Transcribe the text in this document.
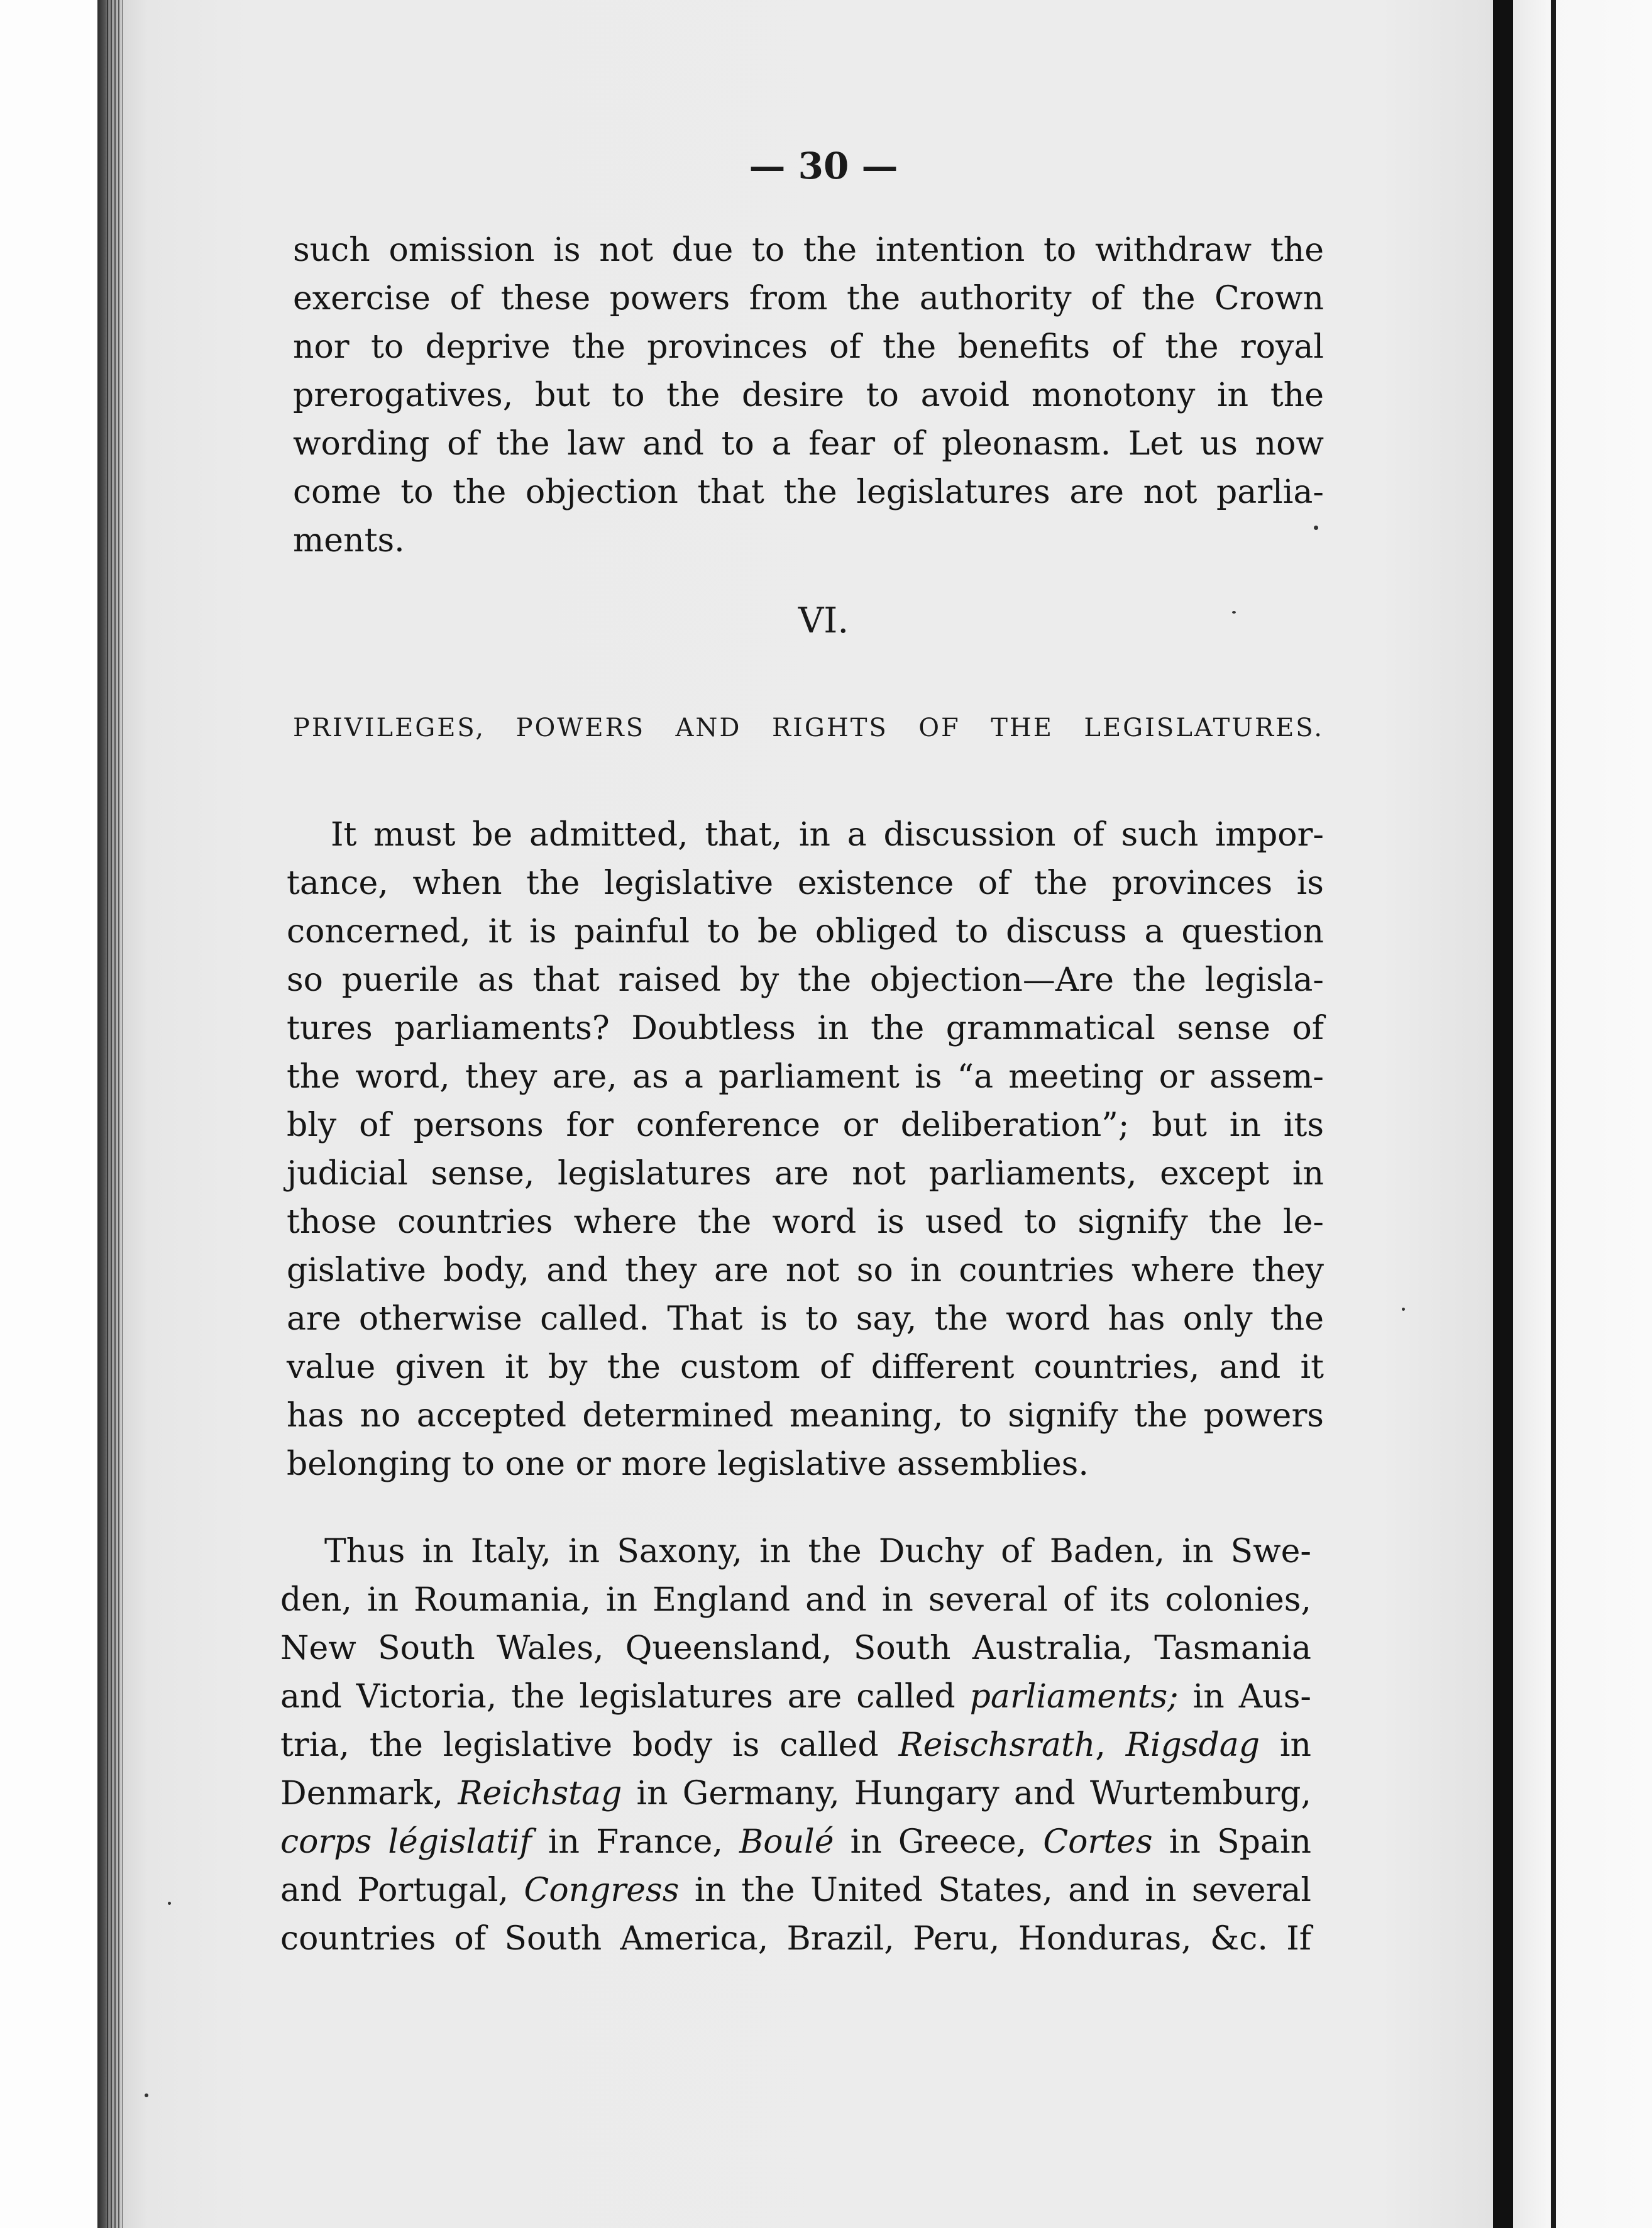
— 30 —
such omission is not due to the intention to withdraw the
exercise of these powers from the authority of the Crown
nor to deprive the provinces of the benefits of the royal
prerogatives, but to the desire to avoid monotony in the
wording of the law and to a fear of pleonasm. Let us now
come to the objection that the legislatures are not parlia-
ments.
VI.
PRIVILEGES, POWERS AND RIGHTS OF THE LEGISLATURES.
It must be admitted, that, in a discussion of such impor-
tance, when the legislative existence of the provinces is
concerned, it is painful to be obliged to discuss a question
so puerile as that raised by the objection—Are the legisla-
tures parliaments? Doubtless in the grammatical sense of
the word, they are, as a parliament is “a meeting or assem-
bly of persons for conference or deliberation”; but in its
judicial sense, legislatures are not parliaments, except in
those countries where the word is used to signify the le-
gislative body, and they are not so in countries where they
are otherwise called. That is to say, the word has only the
value given it by the custom of different countries, and it
has no accepted determined meaning, to signify the powers
belonging to one or more legislative assemblies.
Thus in Italy, in Saxony, in the Duchy of Baden, in Swe-
den, in Roumania, in England and in several of its colonies,
New South Wales, Queensland, South Australia, Tasmania
and Victoria, the legislatures are called parliaments; in Aus-
tria, the legislative body is called Reischsrath, Rigsdag in
Denmark, Reichstag in Germany, Hungary and Wurtemburg,
corps législatif in France, Boulé in Greece, Cortes in Spain
and Portugal, Congress in the United States, and in several
countries of South America, Brazil, Peru, Honduras, &c. If
